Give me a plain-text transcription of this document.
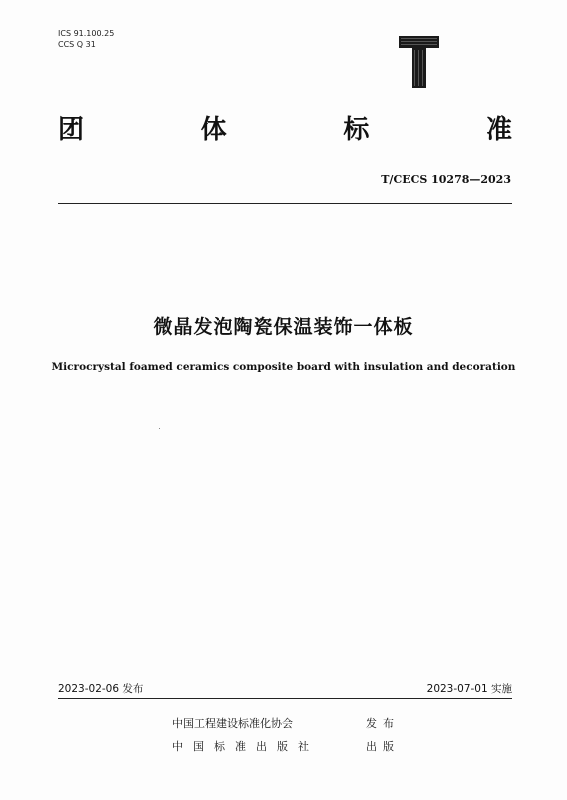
ICS 91.100.25
CCS Q 31
团	体	标	准
T/CECS 10278—2023
微晶发泡陶瓷保温装饰一体板
Microcrystal foamed ceramics composite board with insulation and decoration
2023-02-06 发布	2023-07-01 实施
中国工程建设标准化协会	发布
中国标准出版社	出版
